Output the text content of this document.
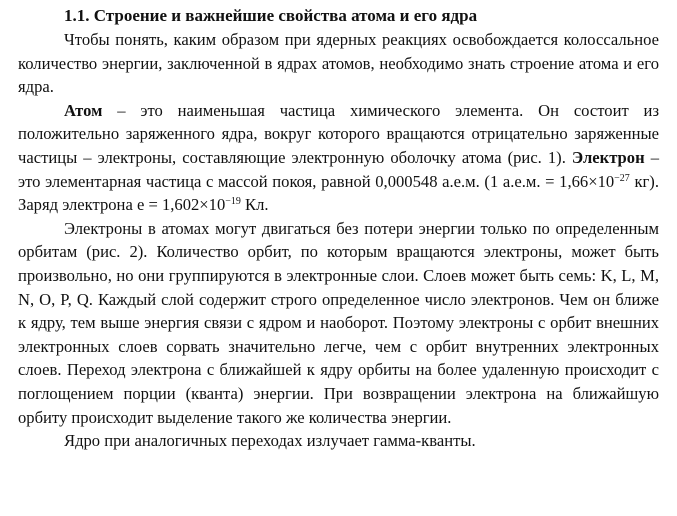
1.1. Строение и важнейшие свойства атома и его ядра

Чтобы понять, каким образом при ядерных реакциях освобождается колоссальное количество энергии, заключенной в ядрах атомов, необходимо знать строение атома и его ядра.

Атом – это наименьшая частица химического элемента. Он состоит из положительно заряженного ядра, вокруг которого вращаются отрицательно заряженные частицы – электроны, составляющие электронную оболочку атома (рис. 1). Электрон – это элементарная частица с массой покоя, равной 0,000548 а.е.м. (1 а.е.м. = $1,66\times 10^{-27}$ кг). Заряд электрона $е = 1,602\times 10^{-19}$ Кл.

Электроны в атомах могут двигаться без потери энергии только по определенным орбитам (рис. 2). Количество орбит, по которым вращаются электроны, может быть произвольно, но они группируются в электронные слои. Слоев может быть семь: K, L, M, N, O, P, Q. Каждый слой содержит строго определенное число электронов. Чем он ближе к ядру, тем выше энергия связи с ядром и наоборот. Поэтому электроны с орбит внешних электронных слоев сорвать значительно легче, чем с орбит внутренних электронных слоев. Переход электрона с ближайшей к ядру орбиты на более удаленную происходит с поглощением порции (кванта) энергии. При возвращении электрона на ближайшую орбиту происходит выделение такого же количества энергии.

Ядро при аналогичных переходах излучает гамма-кванты.
